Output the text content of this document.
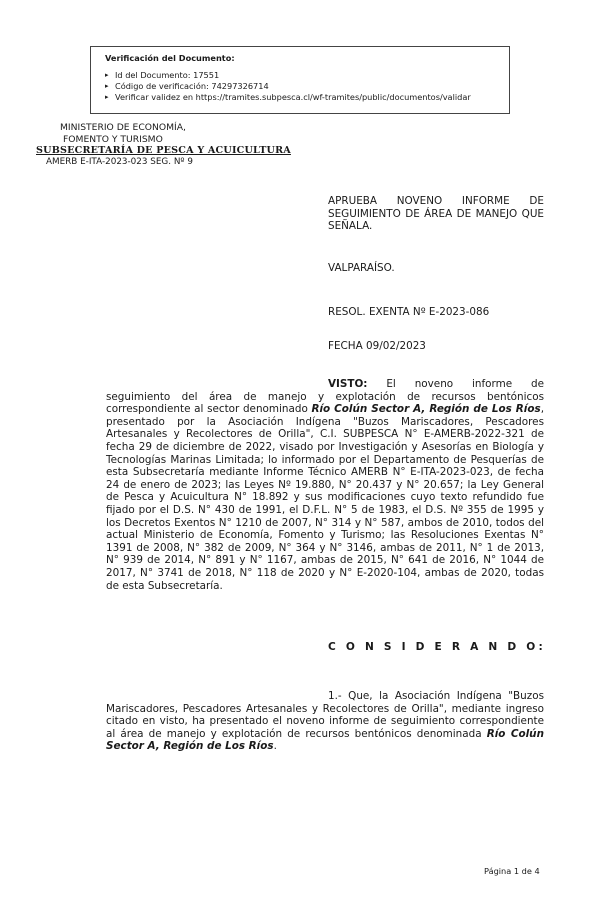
Verificación del Documento:

▸ Id del Documento: 17551
▸ Código de verificación: 74297326714
▸ Verificar validez en https://tramites.subpesca.cl/wf-tramites/public/documentos/validar
MINISTERIO DE ECONOMÍA,
FOMENTO Y TURISMO
SUBSECRETARÍA DE PESCA Y ACUICULTURA
AMERB E-ITA-2023-023 SEG. Nº 9
APRUEBA NOVENO INFORME DE SEGUIMIENTO DE ÁREA DE MANEJO QUE SEÑALA.
VALPARAÍSO.
RESOL. EXENTA Nº E-2023-086
FECHA 09/02/2023
VISTO: El noveno informe de seguimiento del área de manejo y explotación de recursos bentónicos correspondiente al sector denominado Río Colún Sector A, Región de Los Ríos, presentado por la Asociación Indígena "Buzos Mariscadores, Pescadores Artesanales y Recolectores de Orilla", C.I. SUBPESCA N° E-AMERB-2022-321 de fecha 29 de diciembre de 2022, visado por Investigación y Asesorías en Biología y Tecnologías Marinas Limitada; lo informado por el Departamento de Pesquerías de esta Subsecretaría mediante Informe Técnico AMERB N° E-ITA-2023-023, de fecha 24 de enero de 2023; las Leyes Nº 19.880, N° 20.437 y N° 20.657; la Ley General de Pesca y Acuicultura N° 18.892 y sus modificaciones cuyo texto refundido fue fijado por el D.S. N° 430 de 1991, el D.F.L. N° 5 de 1983, el D.S. Nº 355 de 1995 y los Decretos Exentos N° 1210 de 2007, N° 314 y N° 587, ambos de 2010, todos del actual Ministerio de Economía, Fomento y Turismo; las Resoluciones Exentas N° 1391 de 2008, N° 382 de 2009, N° 364 y N° 3146, ambas de 2011, N° 1 de 2013, N° 939 de 2014, N° 891 y N° 1167, ambas de 2015, N° 641 de 2016, N° 1044 de 2017, N° 3741 de 2018, N° 118 de 2020 y N° E-2020-104, ambas de 2020, todas de esta Subsecretaría.
C O N S I D E R A N D O:
1.- Que, la Asociación Indígena "Buzos Mariscadores, Pescadores Artesanales y Recolectores de Orilla", mediante ingreso citado en visto, ha presentado el noveno informe de seguimiento correspondiente al área de manejo y explotación de recursos bentónicos denominada Río Colún Sector A, Región de Los Ríos.
Página 1 de 4
